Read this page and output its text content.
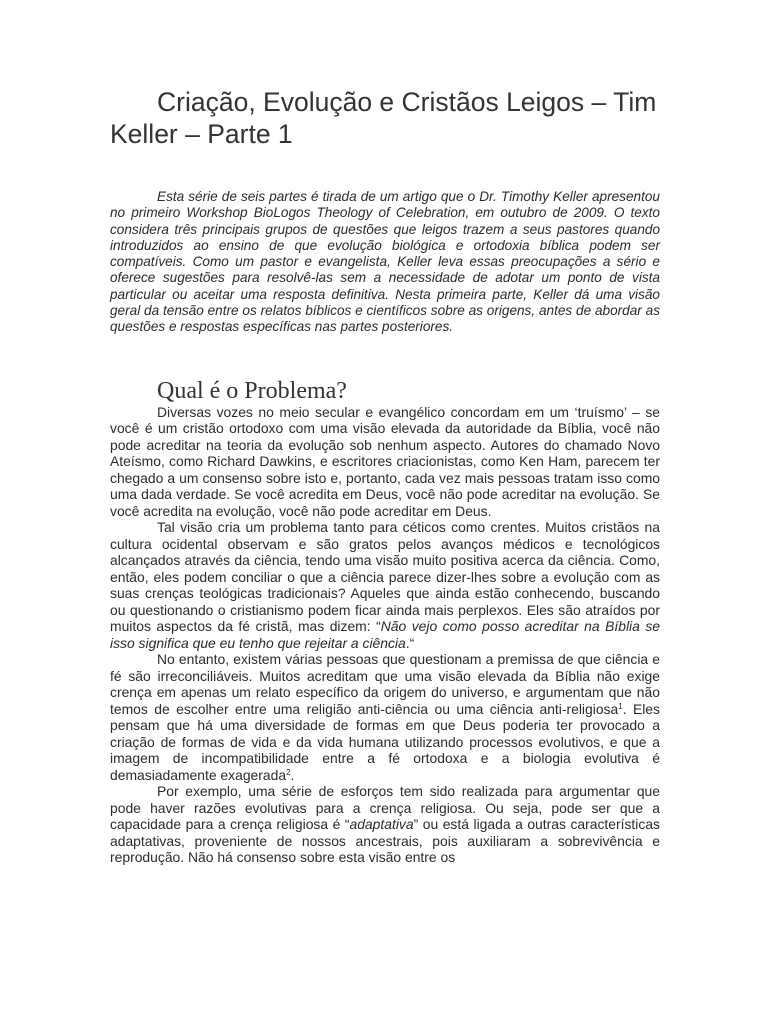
Criação, Evolução e Cristãos Leigos – Tim Keller – Parte 1

Esta série de seis partes é tirada de um artigo que o Dr. Timothy Keller apresentou no primeiro Workshop BioLogos Theology of Celebration, em outubro de 2009. O texto considera três principais grupos de questões que leigos trazem a seus pastores quando introduzidos ao ensino de que evolução biológica e ortodoxia bíblica podem ser compatíveis. Como um pastor e evangelista, Keller leva essas preocupações a sério e oferece sugestões para resolvê-las sem a necessidade de adotar um ponto de vista particular ou aceitar uma resposta definitiva. Nesta primeira parte, Keller dá uma visão geral da tensão entre os relatos bíblicos e científicos sobre as origens, antes de abordar as questões e respostas específicas nas partes posteriores.

Qual é o Problema?

Diversas vozes no meio secular e evangélico concordam em um ‘truísmo’ – se você é um cristão ortodoxo com uma visão elevada da autoridade da Bíblia, você não pode acreditar na teoria da evolução sob nenhum aspecto. Autores do chamado Novo Ateísmo, como Richard Dawkins, e escritores criacionistas, como Ken Ham, parecem ter chegado a um consenso sobre isto e, portanto, cada vez mais pessoas tratam isso como uma dada verdade. Se você acredita em Deus, você não pode acreditar na evolução. Se você acredita na evolução, você não pode acreditar em Deus.

Tal visão cria um problema tanto para céticos como crentes. Muitos cristãos na cultura ocidental observam e são gratos pelos avanços médicos e tecnológicos alcançados através da ciência, tendo uma visão muito positiva acerca da ciência. Como, então, eles podem conciliar o que a ciência parece dizer-lhes sobre a evolução com as suas crenças teológicas tradicionais? Aqueles que ainda estão conhecendo, buscando ou questionando o cristianismo podem ficar ainda mais perplexos. Eles são atraídos por muitos aspectos da fé cristã, mas dizem: “Não vejo como posso acreditar na Bíblia se isso significa que eu tenho que rejeitar a ciência.“

No entanto, existem várias pessoas que questionam a premissa de que ciência e fé são irreconciliáveis. Muitos acreditam que uma visão elevada da Bíblia não exige crença em apenas um relato específico da origem do universo, e argumentam que não temos de escolher entre uma religião anti-ciência ou uma ciência anti-religiosa$^1$. Eles pensam que há uma diversidade de formas em que Deus poderia ter provocado a criação de formas de vida e da vida humana utilizando processos evolutivos, e que a imagem de incompatibilidade entre a fé ortodoxa e a biologia evolutiva é demasiadamente exagerada$^2$.

Por exemplo, uma série de esforços tem sido realizada para argumentar que pode haver razões evolutivas para a crença religiosa. Ou seja, pode ser que a capacidade para a crença religiosa é “adaptativa” ou está ligada a outras características adaptativas, proveniente de nossos ancestrais, pois auxiliaram a sobrevivência e reprodução. Não há consenso sobre esta visão entre os
